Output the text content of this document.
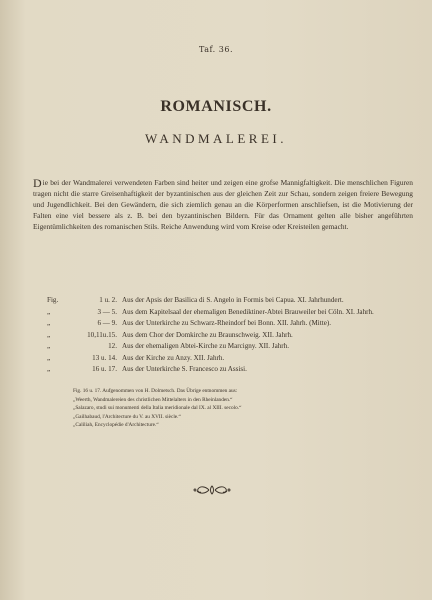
Taf. 36.
ROMANISCH.
WANDMALEREI.
Die bei der Wandmalerei verwendeten Farben sind heiter und zeigen eine grofse Mannigfaltigkeit. Die menschlichen Figuren tragen nicht die starre Greisenhaftigkeit der byzantinischen aus der gleichen Zeit zur Schau, sondern zeigen freiere Bewegung und Jugendlichkeit. Bei den Gewändern, die sich ziemlich genau an die Körperformen anschliefsen, ist die Motivierung der Falten eine viel bessere als z. B. bei den byzantinischen Bildern. Für das Ornament gelten alle bisher angeführten Eigentümlichkeiten des romanischen Stils. Reiche Anwendung wird vom Kreise oder Kreisteilen gemacht.
Fig.	1 u. 2. Aus der Apsis der Basilica di S. Angelo in Formis bei Capua. XI. Jahrhundert.
„	3 — 5. Aus dem Kapitelsaal der ehemaligen Benediktiner-Abtei Brauweiler bei Cöln. XI. Jahrh.
„	6 — 9. Aus der Unterkirche zu Schwarz-Rheindorf bei Bonn. XII. Jahrh. (Mitte).
„	10,11u.15. Aus dem Chor der Domkirche zu Braunschweig. XII. Jahrh.
„	12. Aus der ehemaligen Abtei-Kirche zu Marcigny. XII. Jahrh.
„	13 u. 14. Aus der Kirche zu Anzy. XII. Jahrh.
„	16 u. 17. Aus der Unterkirche S. Francesco zu Assisi.
Fig. 16 u. 17. Aufgenommen von H. Dolmetsch. Das Übrige entnommen aus:
„Weerth, Wandmalereien des christlichen Mittelalters in den Rheinlanden.“
„Salazaro, studi sui monumenti della Italia meridionale dal IX. al XIII. secolo.“
„Gailhabaud, l'Architecture du V. au XVII. siècle.“
„Caliliah, Encyclopédie d'Architecture.“
